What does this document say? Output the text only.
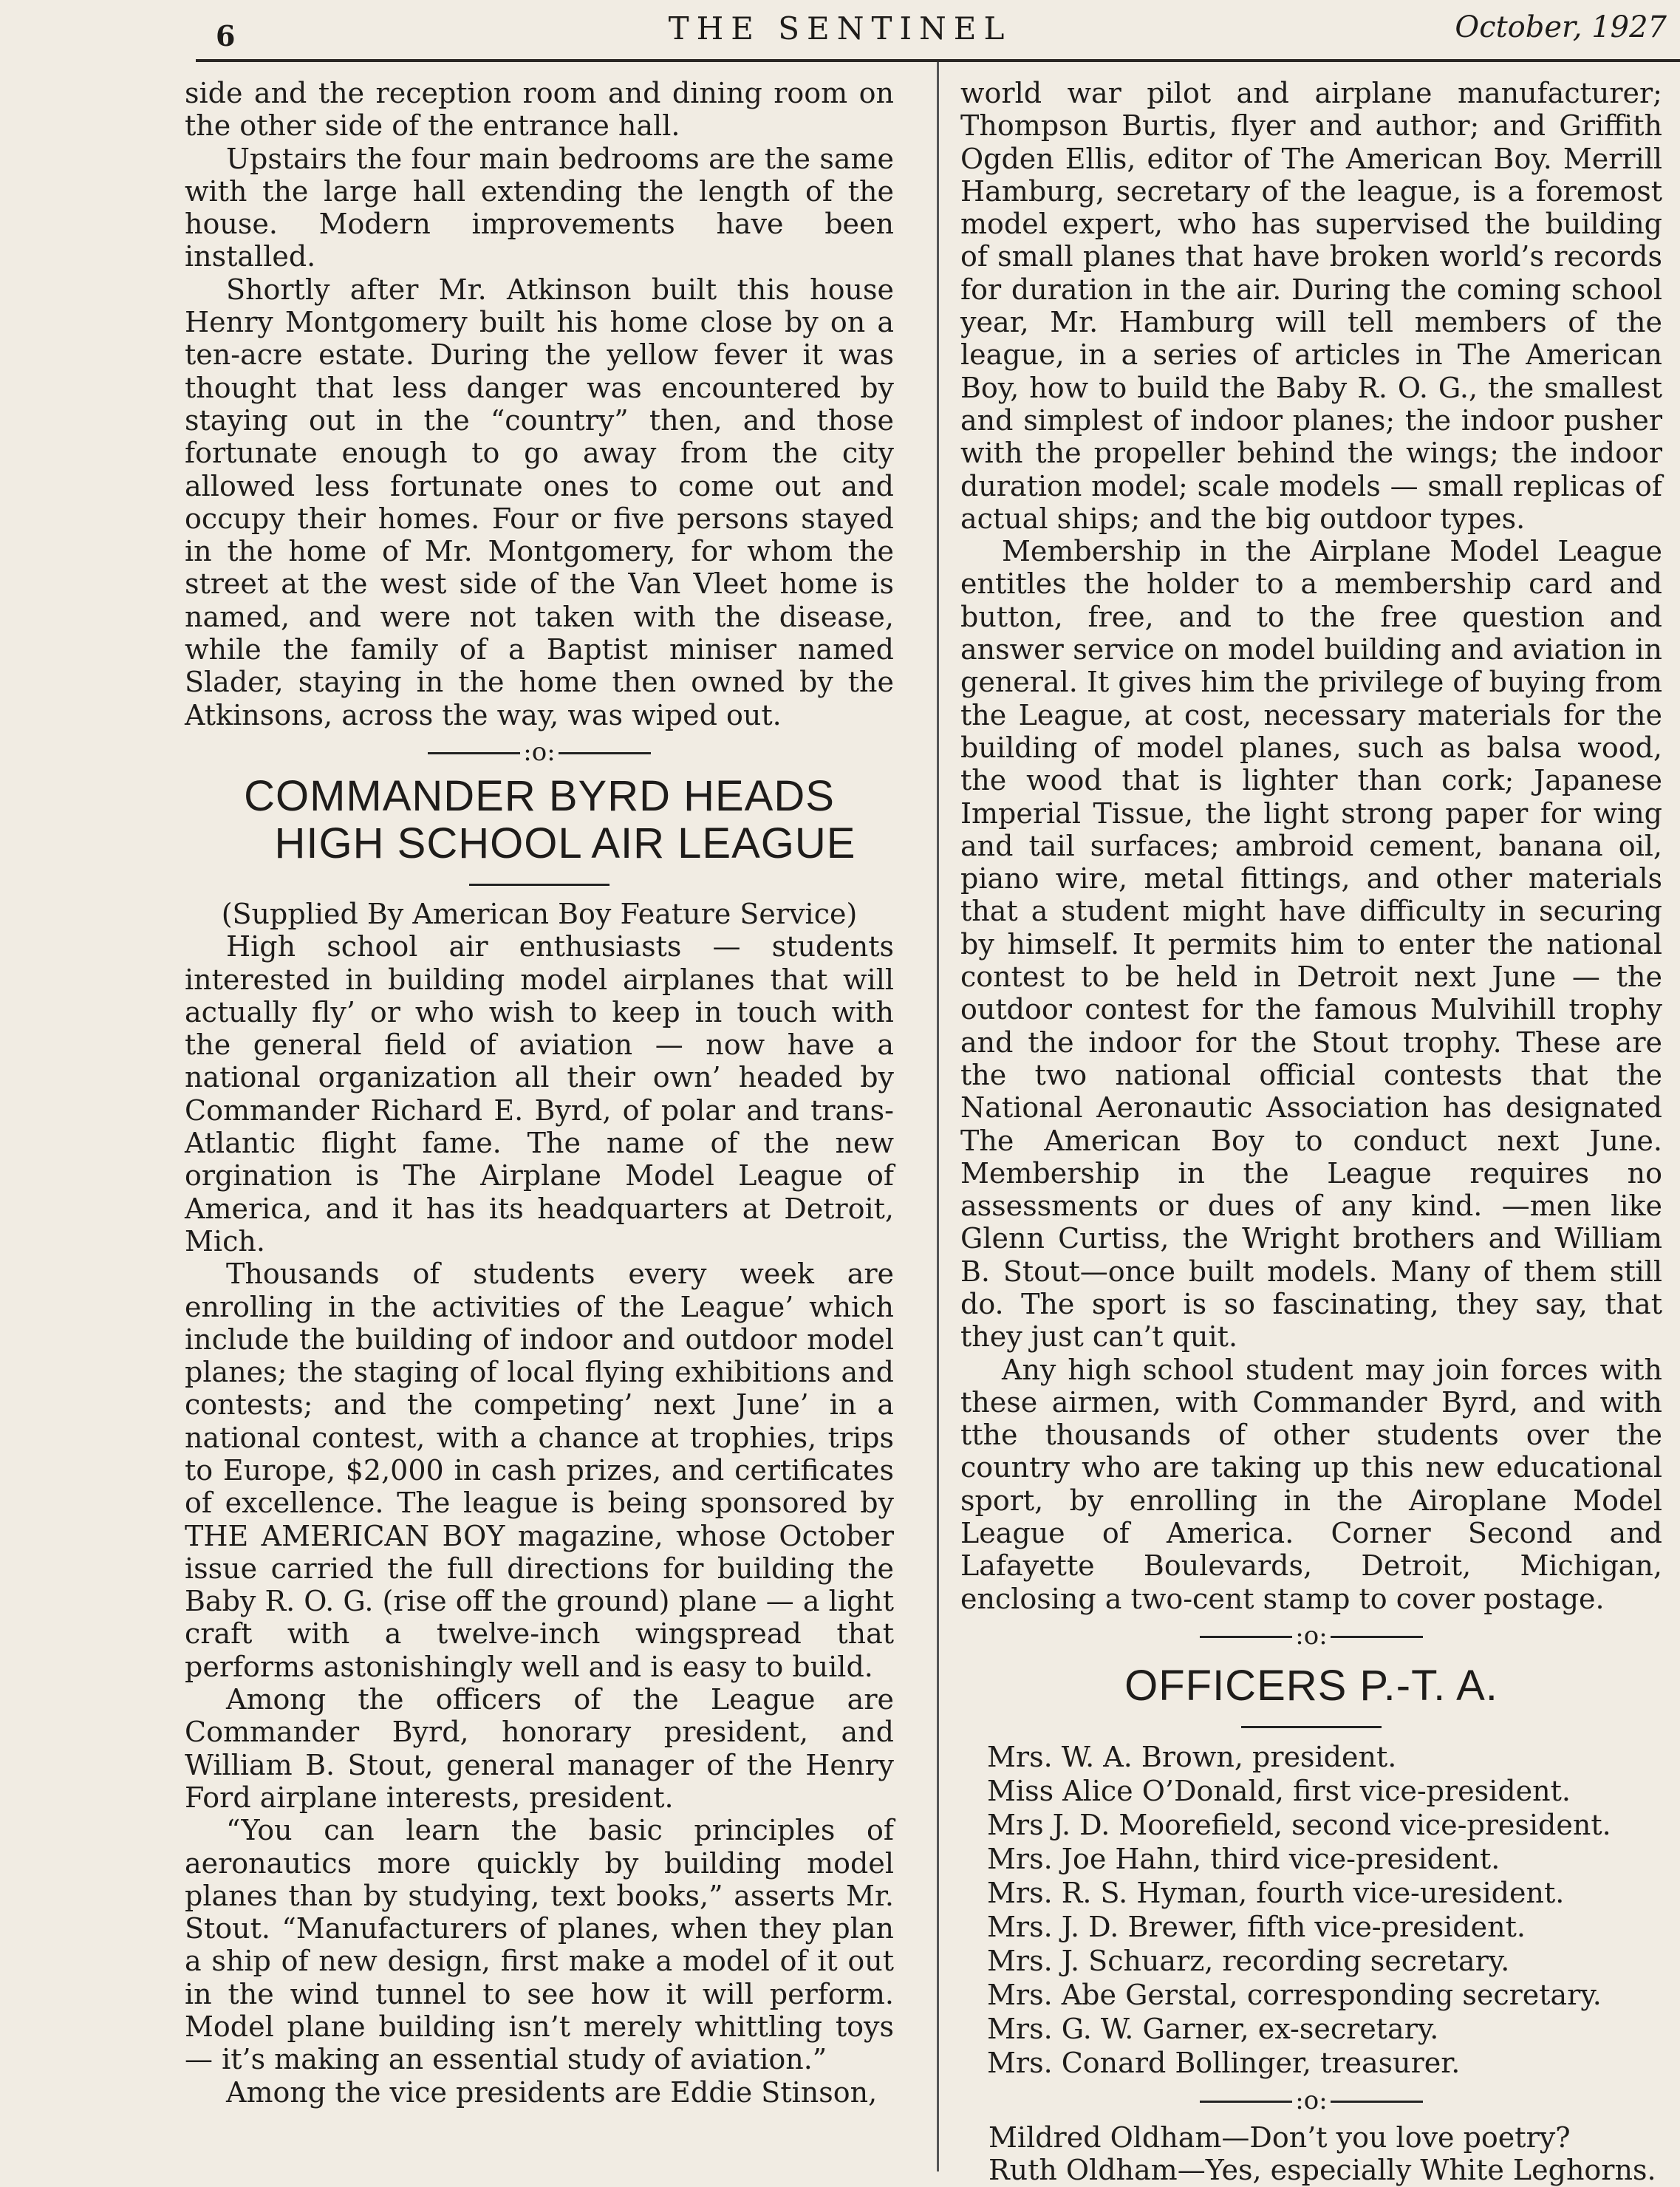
6	THE SENTINEL	October, 1927

side and the reception room and dining room on the other side of the entrance hall.

Upstairs the four main bedrooms are the same with the large hall extending the length of the house. Modern improvements have been installed.

Shortly after Mr. Atkinson built this house Henry Montgomery built his home close by on a ten-acre estate. During the yellow fever it was thought that less danger was encountered by staying out in the “country” then, and those fortunate enough to go away from the city allowed less fortunate ones to come out and occupy their homes. Four or five persons stayed in the home of Mr. Montgomery, for whom the street at the west side of the Van Vleet home is named, and were not taken with the disease, while the family of a Baptist miniser named Slader, staying in the home then owned by the Atkinsons, across the way, was wiped out.

:o:
COMMANDER BYRD HEADS
HIGH SCHOOL AIR LEAGUE

(Supplied By American Boy Feature Service)

High school air enthusiasts — students interested in building model airplanes that will actually fly’ or who wish to keep in touch with the general field of aviation — now have a national organization all their own’ headed by Commander Richard E. Byrd, of polar and trans-Atlantic flight fame. The name of the new orgination is The Airplane Model League of America, and it has its headquarters at Detroit, Mich.

Thousands of students every week are enrolling in the activities of the League’ which include the building of indoor and outdoor model planes; the staging of local flying exhibitions and contests; and the competing’ next June’ in a national contest, with a chance at trophies, trips to Europe, $2,000 in cash prizes, and certificates of excellence. The league is being sponsored by THE AMERICAN BOY magazine, whose October issue carried the full directions for building the Baby R. O. G. (rise off the ground) plane — a light craft with a twelve-inch wingspread that performs astonishingly well and is easy to build.

Among the officers of the League are Commander Byrd, honorary president, and William B. Stout, general manager of the Henry Ford airplane interests, president.

“You can learn the basic principles of aeronautics more quickly by building model planes than by studying, text books,” asserts Mr. Stout. “Manufacturers of planes, when they plan a ship of new design, first make a model of it out in the wind tunnel to see how it will perform. Model plane building isn’t merely whittling toys — it’s making an essential study of aviation.”

Among the vice presidents are Eddie Stinson,

world war pilot and airplane manufacturer; Thompson Burtis, flyer and author; and Griffith Ogden Ellis, editor of The American Boy. Merrill Hamburg, secretary of the league, is a foremost model expert, who has supervised the building of small planes that have broken world’s records for duration in the air. During the coming school year, Mr. Hamburg will tell members of the league, in a series of articles in The American Boy, how to build the Baby R. O. G., the smallest and simplest of indoor planes; the indoor pusher with the propeller behind the wings; the indoor duration model; scale models — small replicas of actual ships; and the big outdoor types.

Membership in the Airplane Model League entitles the holder to a membership card and button, free, and to the free question and answer service on model building and aviation in general. It gives him the privilege of buying from the League, at cost, necessary materials for the building of model planes, such as balsa wood, the wood that is lighter than cork; Japanese Imperial Tissue, the light strong paper for wing and tail surfaces; ambroid cement, banana oil, piano wire, metal fittings, and other materials that a student might have difficulty in securing by himself. It permits him to enter the national contest to be held in Detroit next June — the outdoor contest for the famous Mulvihill trophy and the indoor for the Stout trophy. These are the two national official contests that the National Aeronautic Association has designated The American Boy to conduct next June. Membership in the League requires no assessments or dues of any kind. —men like Glenn Curtiss, the Wright brothers and William B. Stout—once built models. Many of them still do. The sport is so fascinating, they say, that they just can’t quit.

Any high school student may join forces with these airmen, with Commander Byrd, and with tthe thousands of other students over the country who are taking up this new educational sport, by enrolling in the Airoplane Model League of America. Corner Second and Lafayette Boulevards, Detroit, Michigan, enclosing a two-cent stamp to cover postage.

:o:
OFFICERS P.-T. A.
Mrs. W. A. Brown, president.
Miss Alice O’Donald, first vice-president.
Mrs J. D. Moorefield, second vice-president.
Mrs. Joe Hahn, third vice-president.
Mrs. R. S. Hyman, fourth vice-uresident.
Mrs. J. D. Brewer, fifth vice-president.
Mrs. J. Schuarz, recording secretary.
Mrs. Abe Gerstal, corresponding secretary.
Mrs. G. W. Garner, ex-secretary.
Mrs. Conard Bollinger, treasurer.
:o:

Mildred Oldham—Don’t you love poetry?

Ruth Oldham—Yes, especially White Leghorns.
